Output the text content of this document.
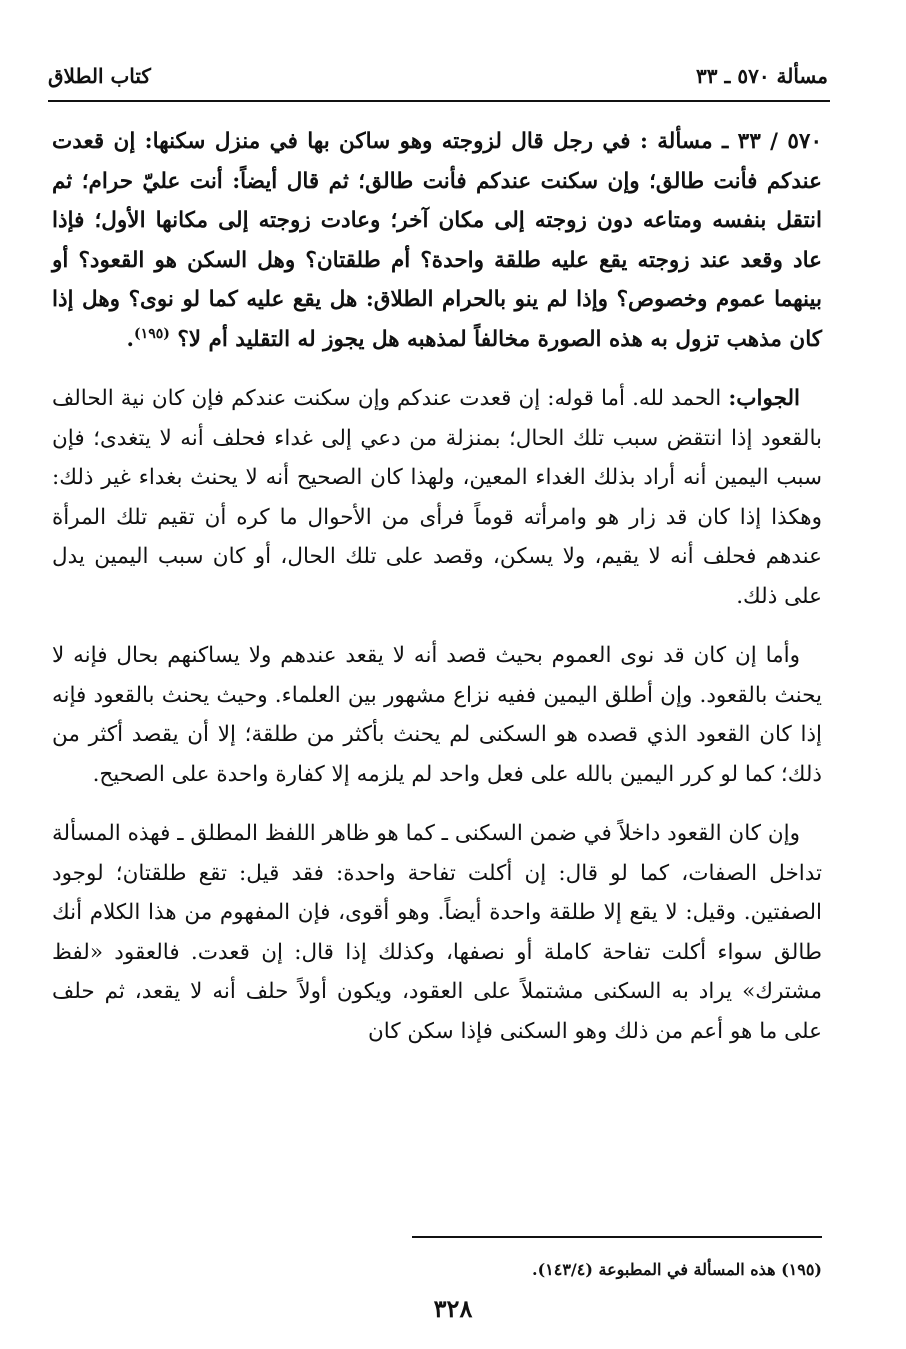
مسألة ٥٧٠ ـ ٣٣
كتاب الطلاق

٥٧٠ / ٣٣ ـ مسألة : في رجل قال لزوجته وهو ساكن بها في منزل سكنها: إن قعدت عندكم فأنت طالق؛ وإن سكنت عندكم فأنت طالق؛ ثم قال أيضاً: أنت عليّ حرام؛ ثم انتقل بنفسه ومتاعه دون زوجته إلى مكان آخر؛ وعادت زوجته إلى مكانها الأول؛ فإذا عاد وقعد عند زوجته يقع عليه طلقة واحدة؟ أم طلقتان؟ وهل السكن هو القعود؟ أو بينهما عموم وخصوص؟ وإذا لم ينو بالحرام الطلاق: هل يقع عليه كما لو نوى؟ وهل إذا كان مذهب تزول به هذه الصورة مخالفاً لمذهبه هل يجوز له التقليد أم لا؟ $^{(١٩٥)}$.

الجواب: الحمد لله. أما قوله: إن قعدت عندكم وإن سكنت عندكم فإن كان نية الحالف بالقعود إذا انتقض سبب تلك الحال؛ بمنزلة من دعي إلى غداء فحلف أنه لا يتغدى؛ فإن سبب اليمين أنه أراد بذلك الغداء المعين، ولهذا كان الصحيح أنه لا يحنث بغداء غير ذلك: وهكذا إذا كان قد زار هو وامرأته قوماً فرأى من الأحوال ما كره أن تقيم تلك المرأة عندهم فحلف أنه لا يقيم، ولا يسكن، وقصد على تلك الحال، أو كان سبب اليمين يدل على ذلك.

وأما إن كان قد نوى العموم بحيث قصد أنه لا يقعد عندهم ولا يساكنهم بحال فإنه لا يحنث بالقعود. وإن أطلق اليمين ففيه نزاع مشهور بين العلماء. وحيث يحنث بالقعود فإنه إذا كان القعود الذي قصده هو السكنى لم يحنث بأكثر من طلقة؛ إلا أن يقصد أكثر من ذلك؛ كما لو كرر اليمين بالله على فعل واحد لم يلزمه إلا كفارة واحدة على الصحيح.

وإن كان القعود داخلاً في ضمن السكنى ـ كما هو ظاهر اللفظ المطلق ـ فهذه المسألة تداخل الصفات، كما لو قال: إن أكلت تفاحة واحدة: فقد قيل: تقع طلقتان؛ لوجود الصفتين. وقيل: لا يقع إلا طلقة واحدة أيضاً. وهو أقوى، فإن المفهوم من هذا الكلام أنك طالق سواء أكلت تفاحة كاملة أو نصفها، وكذلك إذا قال: إن قعدت. فالعقود «لفظ مشترك» يراد به السكنى مشتملاً على العقود، ويكون أولاً حلف أنه لا يقعد، ثم حلف على ما هو أعم من ذلك وهو السكنى فإذا سكن كان

(١٩٥) هذه المسألة في المطبوعة (١٤٣/٤).
٣٢٨
